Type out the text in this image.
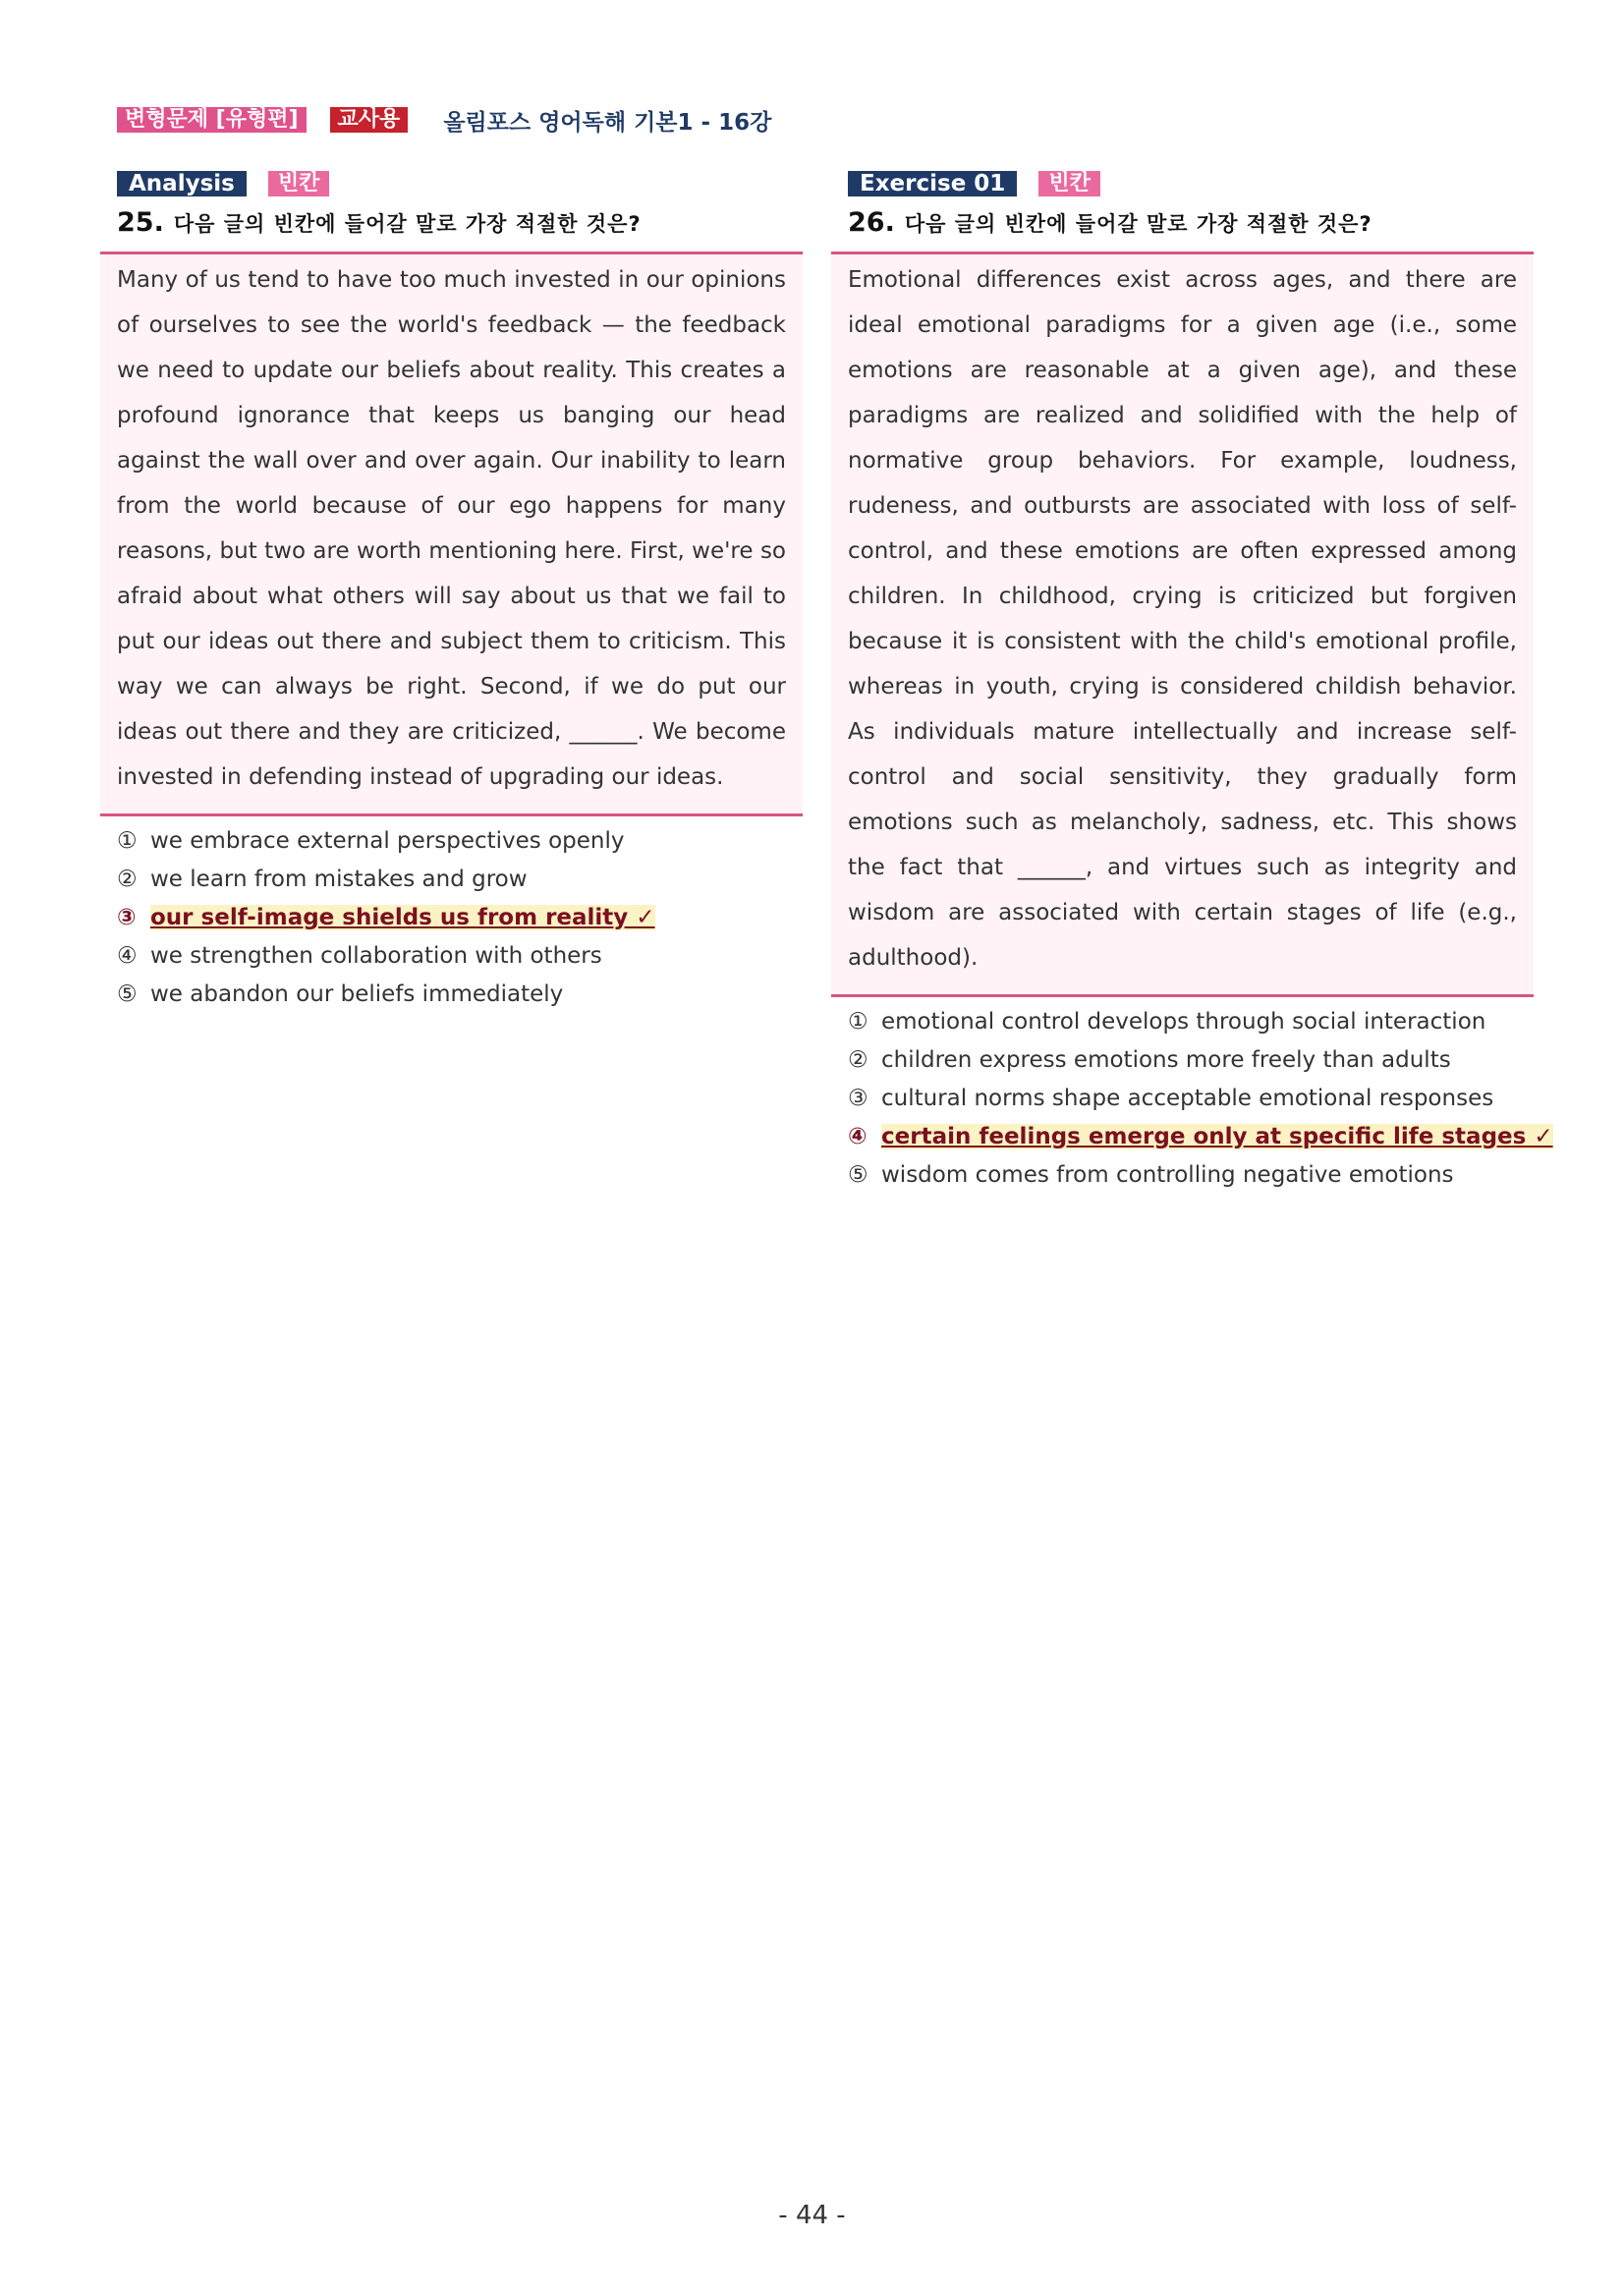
변형문제 [유형편]	교사용	올림포스 영어독해 기본1 - 16강
Analysis	빈칸
25. 다음 글의 빈칸에 들어갈 말로 가장 적절한 것은?

Many of us tend to have too much invested in our opinions of ourselves to see the world's feedback — the feedback we need to update our beliefs about reality. This creates a profound ignorance that keeps us banging our head against the wall over and over again. Our inability to learn from the world because of our ego happens for many reasons, but two are worth mentioning here. First, we're so afraid about what others will say about us that we fail to put our ideas out there and subject them to criticism. This way we can always be right. Second, if we do put our ideas out there and they are criticized, ______. We become invested in defending instead of upgrading our ideas.

① we embrace external perspectives openly
② we learn from mistakes and grow
③ our self-image shields us from reality ✓
④ we strengthen collaboration with others
⑤ we abandon our beliefs immediately
Exercise 01	빈칸
26. 다음 글의 빈칸에 들어갈 말로 가장 적절한 것은?

Emotional differences exist across ages, and there are ideal emotional paradigms for a given age (i.e., some emotions are reasonable at a given age), and these paradigms are realized and solidified with the help of normative group behaviors. For example, loudness, rudeness, and outbursts are associated with loss of self-control, and these emotions are often expressed among children. In childhood, crying is criticized but forgiven because it is consistent with the child's emotional profile, whereas in youth, crying is considered childish behavior. As individuals mature intellectually and increase self-control and social sensitivity, they gradually form emotions such as melancholy, sadness, etc. This shows the fact that ______, and virtues such as integrity and wisdom are associated with certain stages of life (e.g., adulthood).

① emotional control develops through social interaction
② children express emotions more freely than adults
③ cultural norms shape acceptable emotional responses
④ certain feelings emerge only at specific life stages ✓
⑤ wisdom comes from controlling negative emotions
- 44 -
